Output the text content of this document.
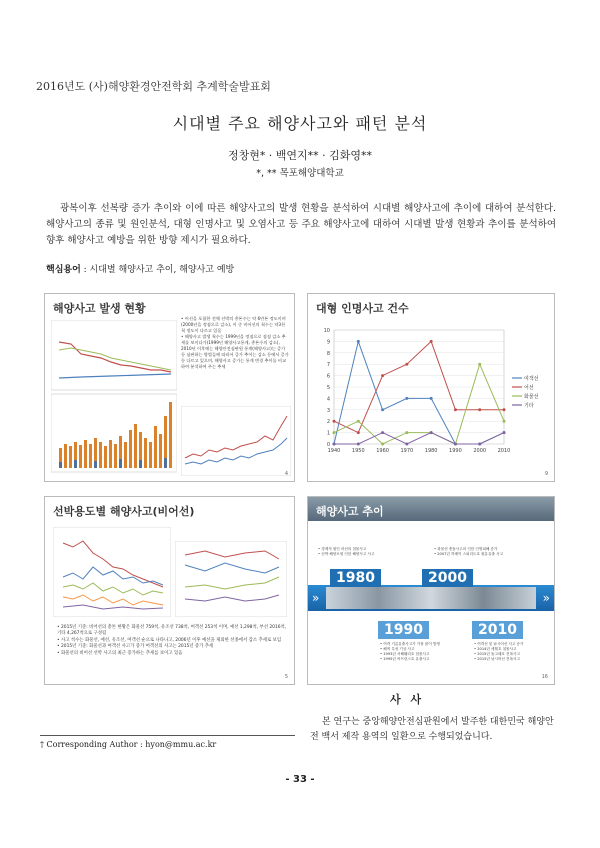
2016년도 (사)해양환경안전학회 추계학술발표회
시대별 주요 해양사고와 패턴 분석
정창현* · 백연지** · 김화영**
*, ** 목포해양대학교
광복이후 선복량 증가 추이와 이에 따른 해양사고의 발생 현황을 분석하여 시대별 해양사고에 추이에 대하여 분석한다. 해양사고의 종류 및 원인분석, 대형 인명사고 및 오염사고 등 주요 해양사고에 대하여 시대별 발생 현황과 추이를 분석하여 향후 해양사고 예방을 위한 방향 제시가 필요하다.
핵심용어 : 시대별 해양사고 추이, 해양사고 예방
해양사고 발생 현황
• 어선을 포함한 전체 선박의 총톤수는 약 6만톤 정도이며(2000년을 정점으로 감소), 이 중 비어선의 척수는 약3천척 정도이 다르고 있음
• 해양사고 발생 척수는 1999년을 정점으로 점점 감소 추세를 보이다가(1999년 해양사고통계, 총톤수의 감소), 2010년 이후에는 해양안전심판원 통계(해양사고)는 증가 등 심판하는 방법들에 따라서 증가 추이는 감소 등에서 증가 등 다르고 있으며, 해양사고 증가는 통계 변경 추이를 비교하여 분석하여 주는 추세
4
대형 인명사고 건수
0
1
2
3
4
5
6
7
8
9
10
1940 1950 1960 1970 1980 1990 2000 2010
여객선
어선
화물선
기타
9
선박용도별 해양사고(비어선)
• 2015년 기준: 비어선의 총톤 현황은 화물선 759척, 유조선 738척, 여객선 253척 이며, 예선 1,298척, 부선 2016척, 기타 4,267척으로 구성됨
• 사고 척수는 화물선, 예선, 유조선, 여객선 순으로 나타나고, 2006년 이후 예선을 제외한 선종에서 감소 추세로 보임
• 2015년 기준: 화물선과 여객선 사고가 증가 여객선의 사고는 2015년 증가 추세
• 화물선의 비어선 선박 사고의 최근 증가하는 추세를 보이고 있음
5
해양사고 추이
• 경제적 원인 어선의 침몰사고
• 선박 해양오염 인한 해양사고 사고
• 화물선 충돌사고의 인한 인명피해 증가
• 2007년 허베이 스피리트호 원유유출 사고
1980	2000
»	»
1990	2010
• 여객 기름유출사고가 가장 많이 발생
• 해역 특성 기상 사고
• 1993년 서해훼리호 침몰사고
• 1995년 씨프린스호 유출사고
• 여객선 및 낚시어선 사고 증가
• 2014년 세월호 침몰사고
• 2015년 돌고래호 전복사고
• 2015년 낚시어선 전복사고
16
사 사
본 연구는 중앙해양안전심판원에서 발주한 대한민국 해양안전 백서 제작 용역의 일환으로 수행되었습니다.
† Corresponding Author : hyon@mmu.ac.kr
- 33 -
